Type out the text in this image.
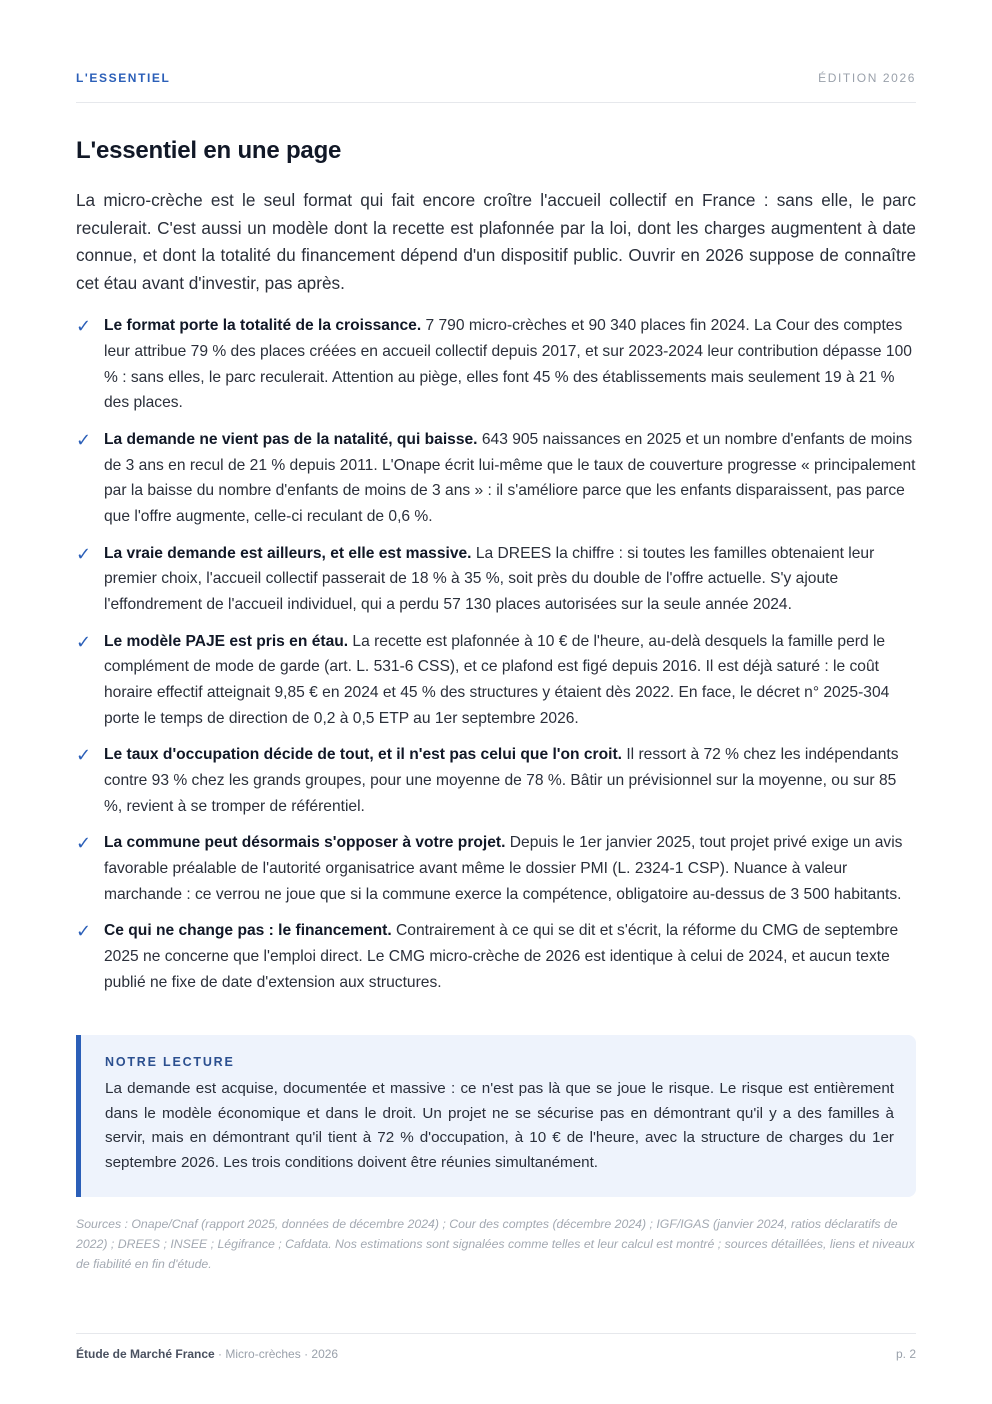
L'ESSENTIEL	ÉDITION 2026
L'essentiel en une page

La micro-crèche est le seul format qui fait encore croître l'accueil collectif en France : sans elle, le parc reculerait. C'est aussi un modèle dont la recette est plafonnée par la loi, dont les charges augmentent à date connue, et dont la totalité du financement dépend d'un dispositif public. Ouvrir en 2026 suppose de connaître cet étau avant d'investir, pas après.

✓ Le format porte la totalité de la croissance. 7 790 micro-crèches et 90 340 places fin 2024. La Cour des comptes leur attribue 79 % des places créées en accueil collectif depuis 2017, et sur 2023-2024 leur contribution dépasse 100 % : sans elles, le parc reculerait. Attention au piège, elles font 45 % des établissements mais seulement 19 à 21 % des places.
✓ La demande ne vient pas de la natalité, qui baisse. 643 905 naissances en 2025 et un nombre d'enfants de moins de 3 ans en recul de 21 % depuis 2011. L'Onape écrit lui-même que le taux de couverture progresse « principalement par la baisse du nombre d'enfants de moins de 3 ans » : il s'améliore parce que les enfants disparaissent, pas parce que l'offre augmente, celle-ci reculant de 0,6 %.
✓ La vraie demande est ailleurs, et elle est massive. La DREES la chiffre : si toutes les familles obtenaient leur premier choix, l'accueil collectif passerait de 18 % à 35 %, soit près du double de l'offre actuelle. S'y ajoute l'effondrement de l'accueil individuel, qui a perdu 57 130 places autorisées sur la seule année 2024.
✓ Le modèle PAJE est pris en étau. La recette est plafonnée à 10 € de l'heure, au-delà desquels la famille perd le complément de mode de garde (art. L. 531-6 CSS), et ce plafond est figé depuis 2016. Il est déjà saturé : le coût horaire effectif atteignait 9,85 € en 2024 et 45 % des structures y étaient dès 2022. En face, le décret n° 2025-304 porte le temps de direction de 0,2 à 0,5 ETP au 1er septembre 2026.
✓ Le taux d'occupation décide de tout, et il n'est pas celui que l'on croit. Il ressort à 72 % chez les indépendants contre 93 % chez les grands groupes, pour une moyenne de 78 %. Bâtir un prévisionnel sur la moyenne, ou sur 85 %, revient à se tromper de référentiel.
✓ La commune peut désormais s'opposer à votre projet. Depuis le 1er janvier 2025, tout projet privé exige un avis favorable préalable de l'autorité organisatrice avant même le dossier PMI (L. 2324-1 CSP). Nuance à valeur marchande : ce verrou ne joue que si la commune exerce la compétence, obligatoire au-dessus de 3 500 habitants.
✓ Ce qui ne change pas : le financement. Contrairement à ce qui se dit et s'écrit, la réforme du CMG de septembre 2025 ne concerne que l'emploi direct. Le CMG micro-crèche de 2026 est identique à celui de 2024, et aucun texte publié ne fixe de date d'extension aux structures.

NOTRE LECTURE

La demande est acquise, documentée et massive : ce n'est pas là que se joue le risque. Le risque est entièrement dans le modèle économique et dans le droit. Un projet ne se sécurise pas en démontrant qu'il y a des familles à servir, mais en démontrant qu'il tient à 72 % d'occupation, à 10 € de l'heure, avec la structure de charges du 1er septembre 2026. Les trois conditions doivent être réunies simultanément.

Sources : Onape/Cnaf (rapport 2025, données de décembre 2024) ; Cour des comptes (décembre 2024) ; IGF/IGAS (janvier 2024, ratios déclaratifs de 2022) ; DREES ; INSEE ; Légifrance ; Cafdata. Nos estimations sont signalées comme telles et leur calcul est montré ; sources détaillées, liens et niveaux de fiabilité en fin d'étude.

Étude de Marché France · Micro-crèches · 2026	p. 2
